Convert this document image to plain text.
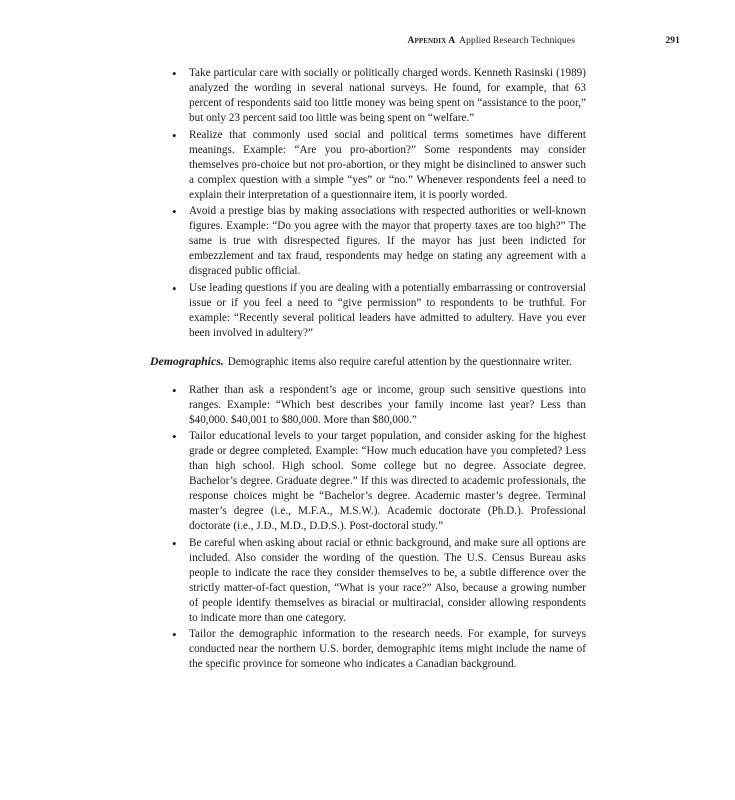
Appendix A Applied Research Techniques	291
• Take particular care with socially or politically charged words. Kenneth Rasinski (1989) analyzed the wording in several national surveys. He found, for example, that 63 percent of respondents said too little money was being spent on “assistance to the poor,” but only 23 percent said too little was being spent on “welfare.”
• Realize that commonly used social and political terms sometimes have different meanings. Example: “Are you pro-abortion?” Some respondents may consider themselves pro-choice but not pro-abortion, or they might be disinclined to answer such a complex question with a simple “yes” or “no.” Whenever respondents feel a need to explain their interpretation of a questionnaire item, it is poorly worded.
• Avoid a prestige bias by making associations with respected authorities or well-known figures. Example: “Do you agree with the mayor that property taxes are too high?” The same is true with disrespected figures. If the mayor has just been indicted for embezzlement and tax fraud, respondents may hedge on stating any agreement with a disgraced public official.
• Use leading questions if you are dealing with a potentially embarrassing or controversial issue or if you feel a need to “give permission” to respondents to be truthful. For example: “Recently several political leaders have admitted to adultery. Have you ever been involved in adultery?”

Demographics. Demographic items also require careful attention by the questionnaire writer.

• Rather than ask a respondent’s age or income, group such sensitive questions into ranges. Example: “Which best describes your family income last year? Less than $40,000. $40,001 to $80,000. More than $80,000.”
• Tailor educational levels to your target population, and consider asking for the highest grade or degree completed. Example: “How much education have you completed? Less than high school. High school. Some college but no degree. Associate degree. Bachelor’s degree. Graduate degree.” If this was directed to academic professionals, the response choices might be “Bachelor’s degree. Academic master’s degree. Terminal master’s degree (i.e., M.F.A., M.S.W.). Academic doctorate (Ph.D.). Professional doctorate (i.e., J.D., M.D., D.D.S.). Post-doctoral study.”
• Be careful when asking about racial or ethnic background, and make sure all options are included. Also consider the wording of the question. The U.S. Census Bureau asks people to indicate the race they consider themselves to be, a subtle difference over the strictly matter-of-fact question, “What is your race?” Also, because a growing number of people identify themselves as biracial or multiracial, consider allowing respondents to indicate more than one category.
• Tailor the demographic information to the research needs. For example, for surveys conducted near the northern U.S. border, demographic items might include the name of the specific province for someone who indicates a Canadian background.
